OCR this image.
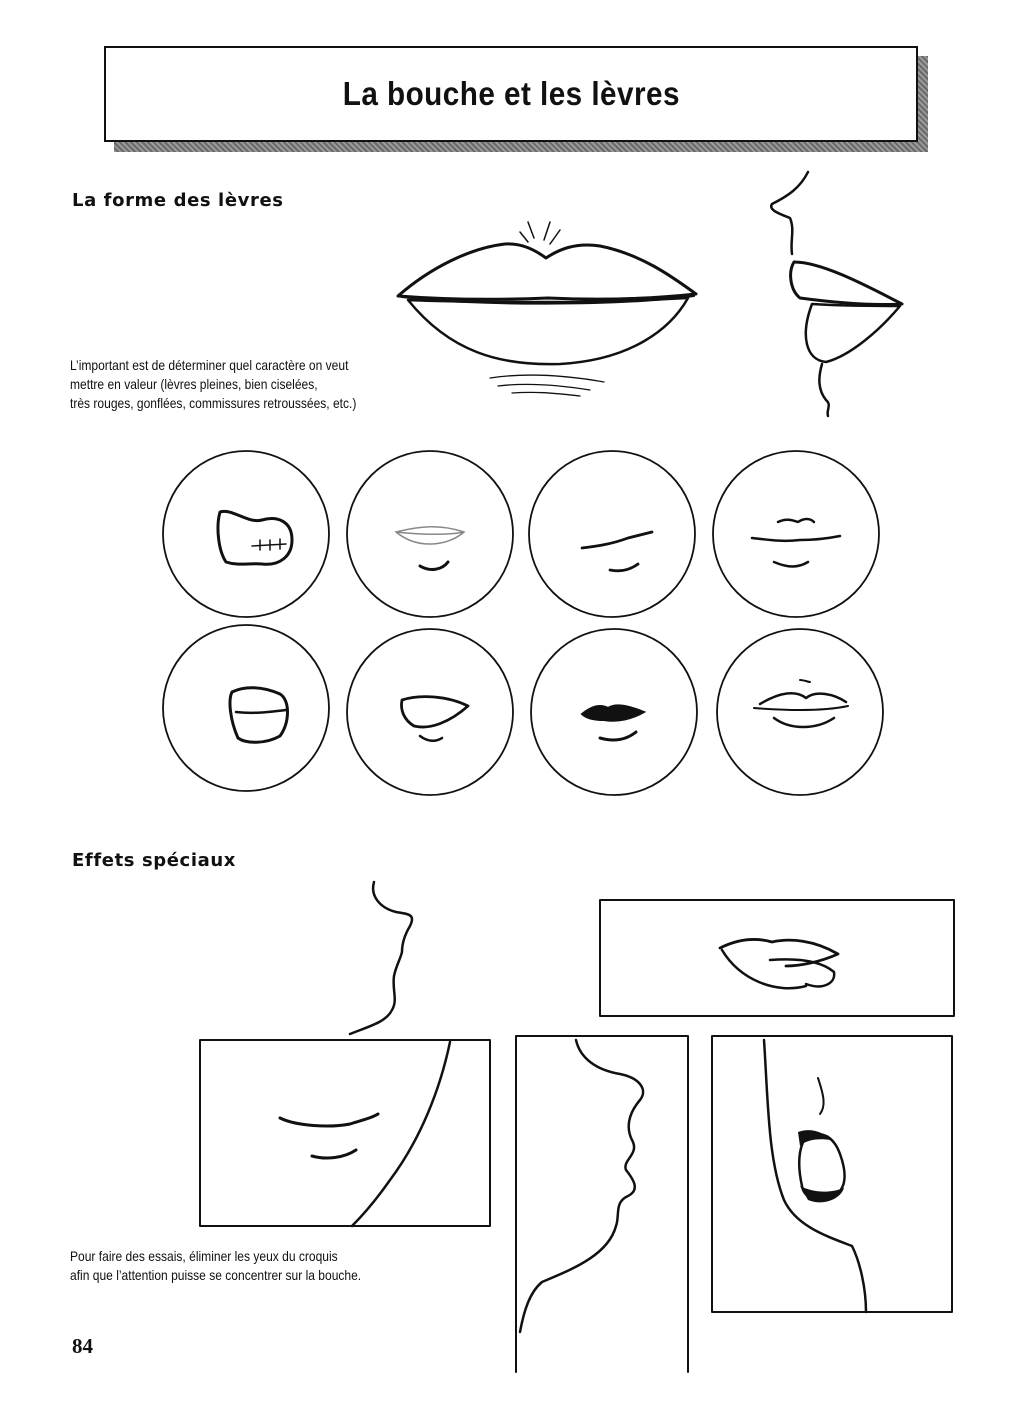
La bouche et les lèvres
La forme des lèvres
L’important est de déterminer quel caractère on veut
mettre en valeur (lèvres pleines, bien ciselées,
très rouges, gonflées, commissures retroussées, etc.)
Effets spéciaux
Pour faire des essais, éliminer les yeux du croquis
afin que l’attention puisse se concentrer sur la bouche.
84
